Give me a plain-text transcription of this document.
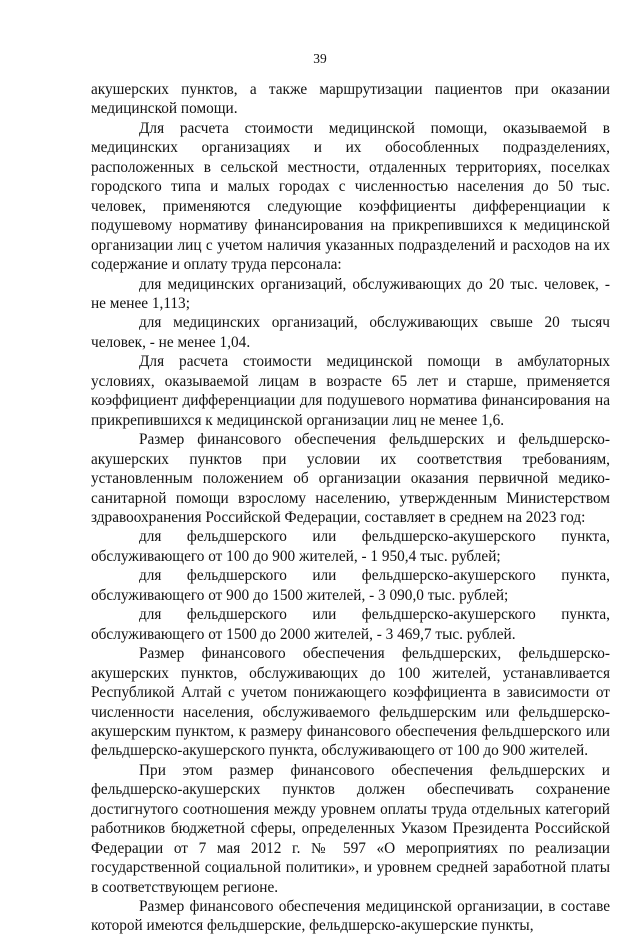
39

акушерских пунктов, а также маршрутизации пациентов при оказании медицинской помощи.

Для расчета стоимости медицинской помощи, оказываемой в медицинских организациях и их обособленных подразделениях, расположенных в сельской местности, отдаленных территориях, поселках городского типа и малых городах с численностью населения до 50 тыс. человек, применяются следующие коэффициенты дифференциации к подушевому нормативу финансирования на прикрепившихся к медицинской организации лиц с учетом наличия указанных подразделений и расходов на их содержание и оплату труда персонала:

для медицинских организаций, обслуживающих до 20 тыс. человек, - не менее 1,113;

для медицинских организаций, обслуживающих свыше 20 тысяч человек, - не менее 1,04.

Для расчета стоимости медицинской помощи в амбулаторных условиях, оказываемой лицам в возрасте 65 лет и старше, применяется коэффициент дифференциации для подушевого норматива финансирования на прикрепившихся к медицинской организации лиц не менее 1,6.

Размер финансового обеспечения фельдшерских и фельдшерско-акушерских пунктов при условии их соответствия требованиям, установленным положением об организации оказания первичной медико-санитарной помощи взрослому населению, утвержденным Министерством здравоохранения Российской Федерации, составляет в среднем на 2023 год:

для фельдшерского или фельдшерско-акушерского пункта, обслуживающего от 100 до 900 жителей, - 1 950,4 тыс. рублей;

для фельдшерского или фельдшерско-акушерского пункта, обслуживающего от 900 до 1500 жителей, - 3 090,0 тыс. рублей;

для фельдшерского или фельдшерско-акушерского пункта, обслуживающего от 1500 до 2000 жителей, - 3 469,7 тыс. рублей.

Размер финансового обеспечения фельдшерских, фельдшерско-акушерских пунктов, обслуживающих до 100 жителей, устанавливается Республикой Алтай с учетом понижающего коэффициента в зависимости от численности населения, обслуживаемого фельдшерским или фельдшерско-акушерским пунктом, к размеру финансового обеспечения фельдшерского или фельдшерско-акушерского пункта, обслуживающего от 100 до 900 жителей.

При этом размер финансового обеспечения фельдшерских и фельдшерско-акушерских пунктов должен обеспечивать сохранение достигнутого соотношения между уровнем оплаты труда отдельных категорий работников бюджетной сферы, определенных Указом Президента Российской Федерации от 7 мая 2012 г. № 597 «О мероприятиях по реализации государственной социальной политики», и уровнем средней заработной платы в соответствующем регионе.

Размер финансового обеспечения медицинской организации, в составе которой имеются фельдшерские, фельдшерско-акушерские пункты,
